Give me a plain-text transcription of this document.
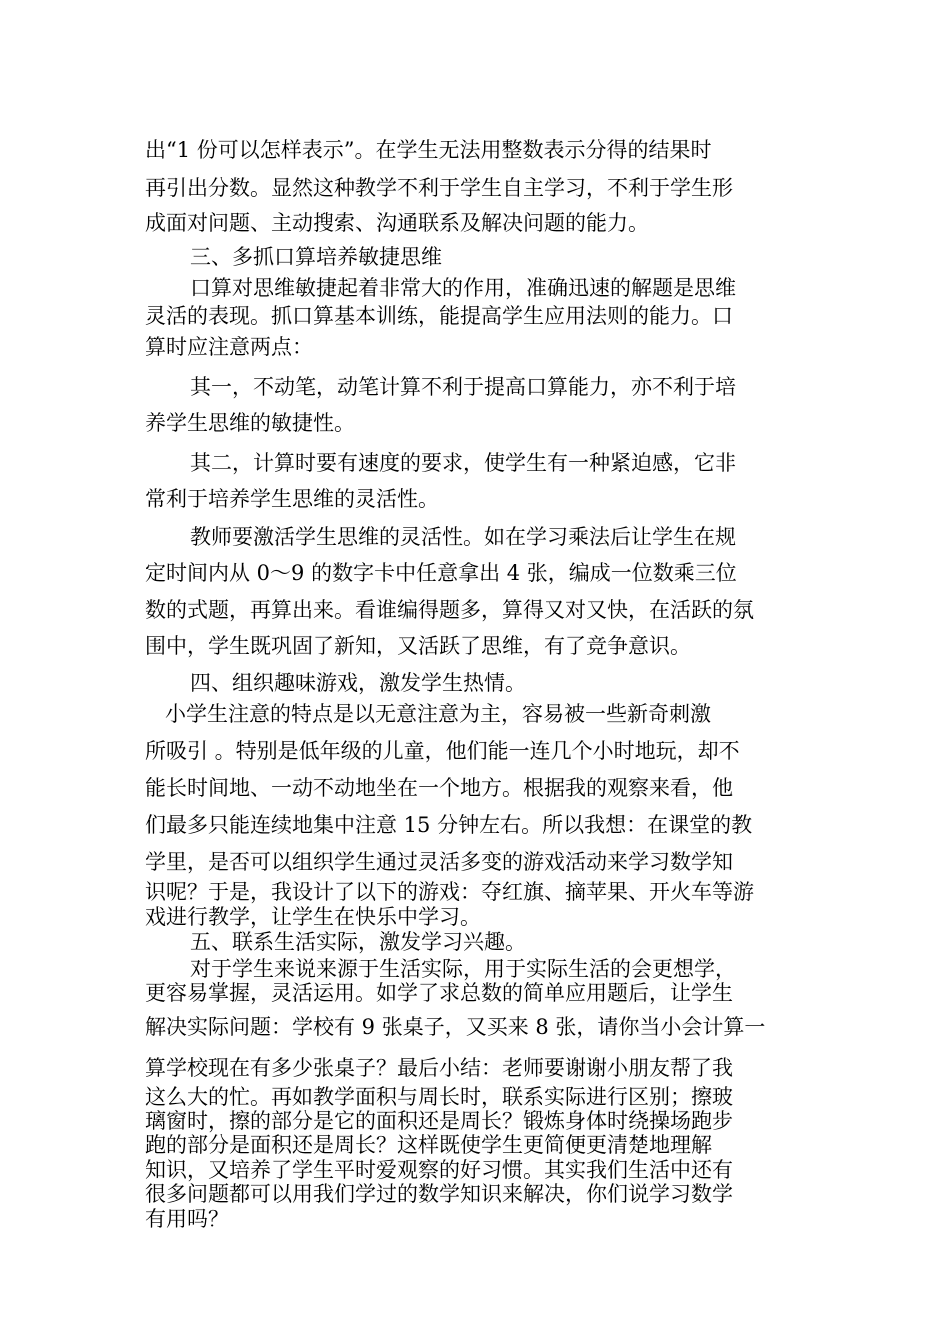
出“1 份可以怎样表示”。在学生无法用整数表示分得的结果时
再引出分数。显然这种教学不利于学生自主学习，不利于学生形
成面对问题、主动搜索、沟通联系及解决问题的能力。
三、多抓口算培养敏捷思维
口算对思维敏捷起着非常大的作用，准确迅速的解题是思维
灵活的表现。抓口算基本训练，能提高学生应用法则的能力。口
算时应注意两点：
其一，不动笔，动笔计算不利于提高口算能力，亦不利于培
养学生思维的敏捷性。
其二，计算时要有速度的要求，使学生有一种紧迫感，它非
常利于培养学生思维的灵活性。
教师要激活学生思维的灵活性。如在学习乘法后让学生在规
定时间内从 0～9 的数字卡中任意拿出 4 张，编成一位数乘三位
数的式题，再算出来。看谁编得题多，算得又对又快，在活跃的氛
围中，学生既巩固了新知，又活跃了思维，有了竞争意识。
四、组织趣味游戏，激发学生热情。
小学生注意的特点是以无意注意为主，容易被一些新奇刺激
所吸引 。特别是低年级的儿童，他们能一连几个小时地玩，却不
能长时间地、一动不动地坐在一个地方。根据我的观察来看，他
们最多只能连续地集中注意 15 分钟左右。所以我想：在课堂的教
学里，是否可以组织学生通过灵活多变的游戏活动来学习数学知
识呢？于是，我设计了以下的游戏：夺红旗、摘苹果、开火车等游
戏进行教学，让学生在快乐中学习。
五、联系生活实际，激发学习兴趣。
对于学生来说来源于生活实际，用于实际生活的会更想学，
更容易掌握，灵活运用。如学了求总数的简单应用题后，让学生
解决实际问题：学校有 9 张桌子，又买来 8 张，请你当小会计算一
算学校现在有多少张桌子？最后小结：老师要谢谢小朋友帮了我
这么大的忙。再如教学面积与周长时，联系实际进行区别；擦玻
璃窗时，擦的部分是它的面积还是周长？锻炼身体时绕操场跑步
跑的部分是面积还是周长？这样既使学生更简便更清楚地理解
知识，又培养了学生平时爱观察的好习惯。其实我们生活中还有
很多问题都可以用我们学过的数学知识来解决，你们说学习数学
有用吗？
